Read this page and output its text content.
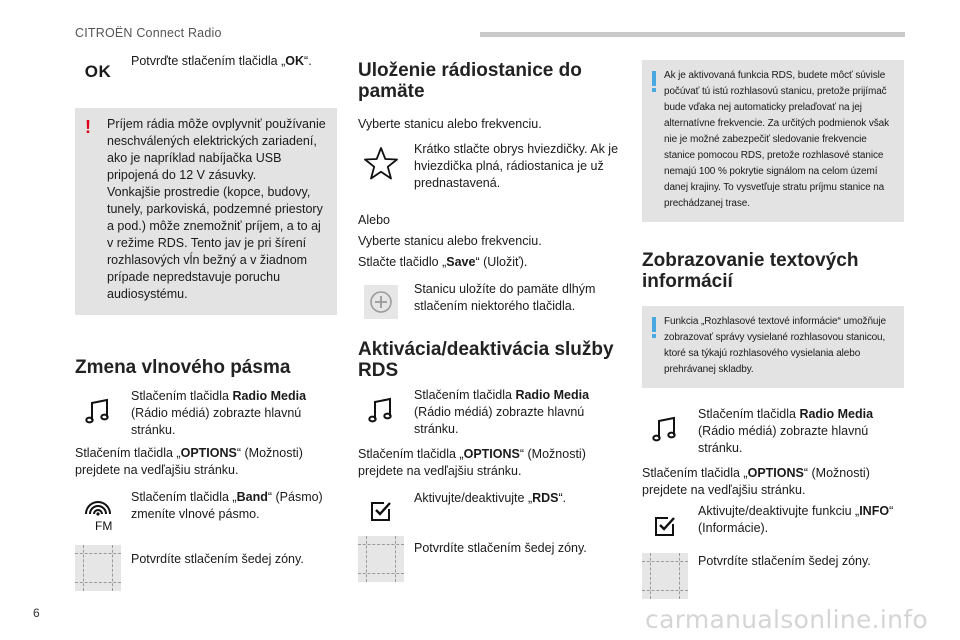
CITROËN Connect Radio
OK
Potvrďte stlačením tlačidla „OK“.
!	Príjem rádia môže ovplyvniť používanie neschválených elektrických zariadení, ako je napríklad nabíjačka USB pripojená do 12 V zásuvky.
Vonkajšie prostredie (kopce, budovy, tunely, parkoviská, podzemné priestory a pod.) môže znemožniť príjem, a to aj v režime RDS. Tento jav je pri šírení rozhlasových vĺn bežný a v žiadnom prípade nepredstavuje poruchu audiosystému.
Zmena vlnového pásma
Stlačením tlačidla Radio Media (Rádio médiá) zobrazte hlavnú stránku.

Stlačením tlačidla „OPTIONS“ (Možnosti) prejdete na vedľajšiu stránku.

FM
Stlačením tlačidla „Band“ (Pásmo) zmeníte vlnové pásmo.
Potvrdíte stlačením šedej zóny.
Uloženie rádiostanice do pamäte

Vyberte stanicu alebo frekvenciu.

Krátko stlačte obrys hviezdičky. Ak je hviezdička plná, rádiostanica je už prednastavená.

Alebo

Vyberte stanicu alebo frekvenciu.

Stlačte tlačidlo „Save“ (Uložiť).

Stanicu uložíte do pamäte dlhým stlačením niektorého tlačidla.
Aktivácia/deaktivácia služby RDS
Stlačením tlačidla Radio Media (Rádio médiá) zobrazte hlavnú stránku.

Stlačením tlačidla „OPTIONS“ (Možnosti) prejdete na vedľajšiu stránku.

Aktivujte/deaktivujte „RDS“.
Potvrdíte stlačením šedej zóny.
Ak je aktivovaná funkcia RDS, budete môcť súvisle počúvať tú istú rozhlasovú stanicu, pretože prijímač bude vďaka nej automaticky prelaďovať na jej alternatívne frekvencie. Za určitých podmienok však nie je možné zabezpečiť sledovanie frekvencie stanice pomocou RDS, pretože rozhlasové stanice nemajú 100 % pokrytie signálom na celom území danej krajiny. To vysvetľuje stratu príjmu stanice na prechádzanej trase.
Zobrazovanie textových informácií
Funkcia „Rozhlasové textové informácie“ umožňuje zobrazovať správy vysielané rozhlasovou stanicou, ktoré sa týkajú rozhlasového vysielania alebo prehrávanej skladby.
Stlačením tlačidla Radio Media (Rádio médiá) zobrazte hlavnú stránku.

Stlačením tlačidla „OPTIONS“ (Možnosti) prejdete na vedľajšiu stránku.

Aktivujte/deaktivujte funkciu „INFO“ (Informácie).
Potvrdíte stlačením šedej zóny.
6	carmanualsonline.info
